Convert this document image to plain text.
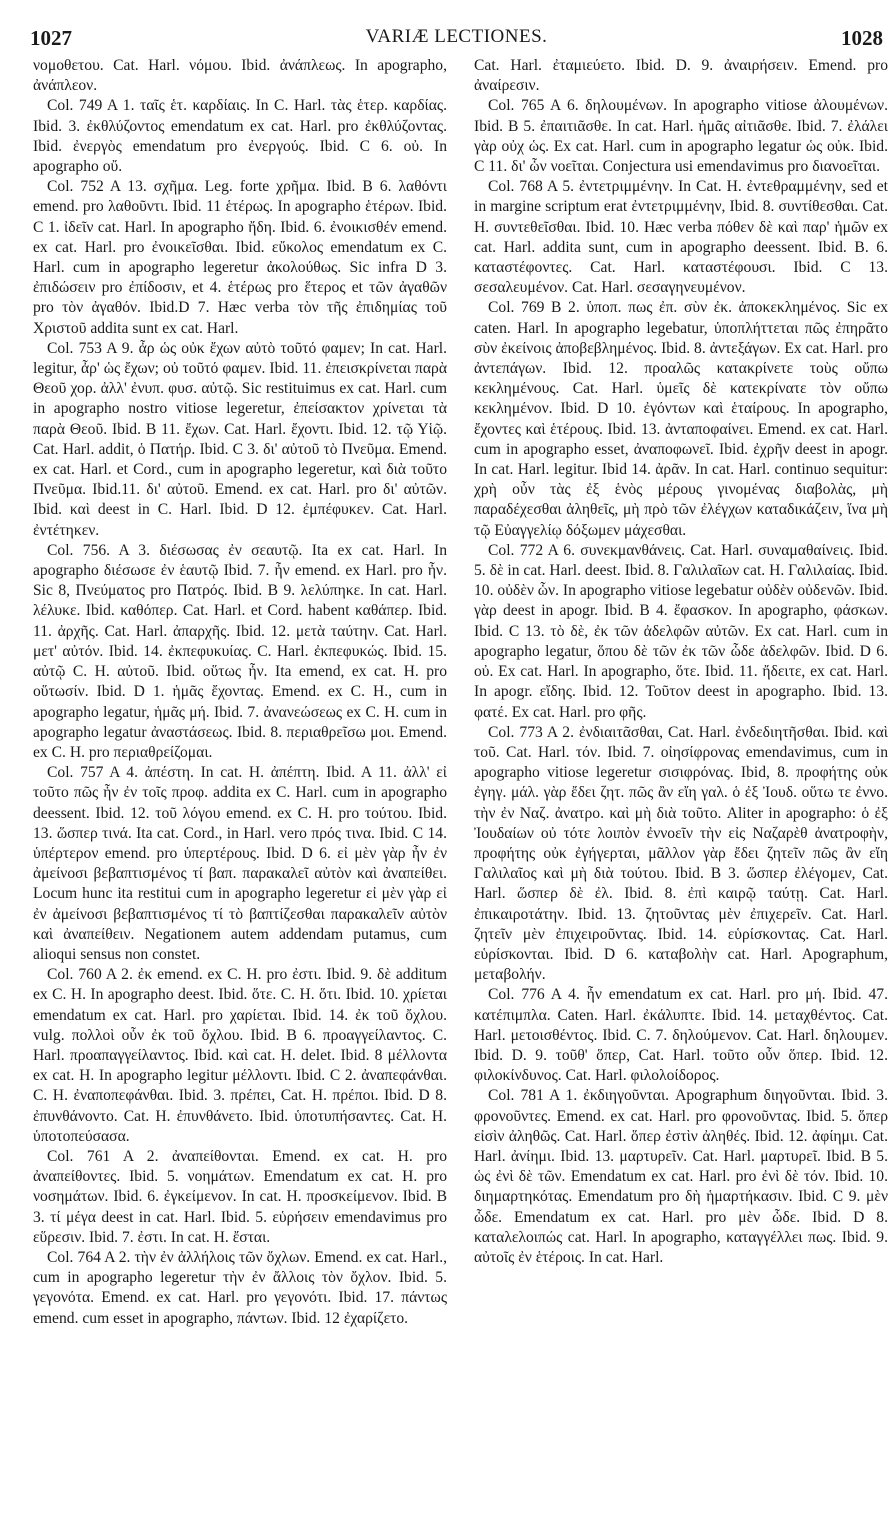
1027	VARIÆ LECTIONES.	1028

νομοθετου. Cat. Harl. νόμου. Ibid. ἀνάπλεως. In apographo, ἀνάπλεον.

Col. 749 A 1. ταῖς ἑτ. καρδίαις. In C. Harl. τὰς ἑτερ. καρδίας. Ibid. 3. ἐκθλύζοντος emendatum ex cat. Harl. pro ἐκθλύζοντας. Ibid. ἐνεργὸς emendatum pro ἐνεργούς. Ibid. C 6. οὐ. In apographo οὔ.

Col. 752 A 13. σχῆμα. Leg. forte χρῆμα. Ibid. B 6. λαθόντι emend. pro λαθοῦντι. Ibid. 11 ἑτέρως. In apographo ἑτέρων. Ibid. C 1. ἰδεῖν cat. Harl. In apographo ἤδη. Ibid. 6. ἐνοικισθέν emend. ex cat. Harl. pro ἐνοικεῖσθαι. Ibid. εὔκολος emendatum ex C. Harl. cum in apographo legeretur ἀκολούθως. Sic infra D 3. ἐπιδώσειν pro ἐπίδοσιν, et 4. ἑτέρως pro ἕτερος et τῶν ἀγαθῶν pro τὸν ἀγαθόν. Ibid.D 7. Hæc verba τὸν τῆς ἐπιδημίας τοῦ Χριστοῦ addita sunt ex cat. Harl.

Col. 753 A 9. ἆρ ὡς οὐκ ἔχων αὐτὸ τοῦτό φαμεν; In cat. Harl. legitur, ἆρ' ὡς ἔχων; οὐ τοῦτό φαμεν. Ibid. 11. ἐπεισκρίνεται παρὰ Θεοῦ χορ. ἀλλ' ἐνυπ. φυσ. αὐτῷ. Sic restituimus ex cat. Harl. cum in apographo nostro vitiose legeretur, ἐπείσακτον χρίνεται τὰ παρὰ Θεοῦ. Ibid. B 11. ἔχων. Cat. Harl. ἔχοντι. Ibid. 12. τῷ Υἱῷ. Cat. Harl. addit, ὁ Πατήρ. Ibid. C 3. δι' αὐτοῦ τὸ Πνεῦμα. Emend. ex cat. Harl. et Cord., cum in apographo legeretur, καὶ διὰ τοῦτο Πνεῦμα. Ibid.11. δι' αὐτοῦ. Emend. ex cat. Harl. pro δι' αὐτῶν. Ibid. καὶ deest in C. Harl. Ibid. D 12. ἐμπέφυκεν. Cat. Harl. ἐντέτηκεν.

Col. 756. A 3. διέσωσας ἐν σεαυτῷ. Ita ex cat. Harl. In apographo διέσωσε ἐν ἑαυτῷ Ibid. 7. ἦν emend. ex Harl. pro ἦν. Sic 8, Πνεύματος pro Πατρός. Ibid. B 9. λελύπηκε. In cat. Harl. λέλυκε. Ibid. καθόπερ. Cat. Harl. et Cord. habent καθάπερ. Ibid. 11. ἀρχῆς. Cat. Harl. ἀπαρχῆς. Ibid. 12. μετὰ ταύτην. Cat. Harl. μετ' αὐτόν. Ibid. 14. ἐκπεφυκυίας. C. Harl. ἐκπεφυκώς. Ibid. 15. αὐτῷ C. H. αὐτοῦ. Ibid. οὕτως ἦν. Ita emend, ex cat. H. pro οὕτωσίν. Ibid. D 1. ἡμᾶς ἔχοντας. Emend. ex C. H., cum in apographo legatur, ἡμᾶς μή. Ibid. 7. ἀνανεώσεως ex C. H. cum in apographo legatur ἀναστάσεως. Ibid. 8. περιαθρεῖσω μοι. Emend. ex C. H. pro περιαθρείζομαι.

Col. 757 A 4. ἀπέστη. In cat. H. ἀπέπτη. Ibid. A 11. ἀλλ' εἰ τοῦτο πῶς ἦν ἐν τοῖς προφ. addita ex C. Harl. cum in apographo deessent. Ibid. 12. τοῦ λόγου emend. ex C. H. pro τούτου. Ibid. 13. ὥσπερ τινά. Ita cat. Cord., in Harl. vero πρός τινα. Ibid. C 14. ὑπέρτερον emend. pro ὑπερτέρους. Ibid. D 6. εἰ μὲν γὰρ ἦν ἐν ἀμείνοσι βεβαπτισμένος τί βαπ. παρακαλεῖ αὐτὸν καὶ ἀναπείθει. Locum hunc ita restitui cum in apographo legeretur εἰ μὲν γὰρ εἰ ἐν ἀμείνοσι βεβαπτισμένος τί τὸ βαπτίζεσθαι παρακαλεῖν αὐτὸν καὶ ἀναπείθειν. Negationem autem addendam putamus, cum alioqui sensus non constet.

Col. 760 A 2. ἐκ emend. ex C. H. pro ἐστι. Ibid. 9. δὲ additum ex C. H. In apographo deest. Ibid. ὅτε. C. H. ὅτι. Ibid. 10. χρίεται emendatum ex cat. Harl. pro χαρίεται. Ibid. 14. ἐκ τοῦ ὄχλου. vulg. πολλοὶ οὖν ἐκ τοῦ ὄχλου. Ibid. B 6. προαγγείλαντος. C. Harl. προαπαγγείλαντος. Ibid. καὶ cat. H. delet. Ibid. 8 μέλλοντα ex cat. H. In apographo legitur μέλλοντι. Ibid. C 2. ἀναπεφάνθαι. C. H. ἐναποπεφάνθαι. Ibid. 3. πρέπει, Cat. H. πρέποι. Ibid. D 8. ἐπυνθάνοντο. Cat. H. ἐπυνθάνετο. Ibid. ὑποτυπήσαντες. Cat. H. ὑποτοπεύσασα.

Col. 761 A 2. ἀναπείθονται. Emend. ex cat. H. pro ἀναπείθοντες. Ibid. 5. νοημάτων. Emendatum ex cat. H. pro νοσημάτων. Ibid. 6. ἐγκείμενον. In cat. H. προσκείμενον. Ibid. B 3. τί μέγα deest in cat. Harl. Ibid. 5. εὑρήσειν emendavimus pro εὕρεσιν. Ibid. 7. ἐστι. In cat. H. ἔσται.

Col. 764 A 2. τὴν ἐν ἀλλήλοις τῶν ὄχλων. Emend. ex cat. Harl., cum in apographo legeretur τὴν ἐν ἄλλοις τὸν ὄχλον. Ibid. 5. γεγονότα. Emend. ex cat. Harl. pro γεγονότι. Ibid. 17. πάντως emend. cum esset in apographo, πάντων. Ibid. 12 ἐχαρίζετο.

Cat. Harl. ἐταμιεύετο. Ibid. D. 9. ἀναιρήσειν. Emend. pro ἀναίρεσιν.

Col. 765 A 6. δηλουμένων. In apographo vitiose ἀλουμένων. Ibid. B 5. ἐπαιτιᾶσθε. In cat. Harl. ἡμᾶς αἰτιᾶσθε. Ibid. 7. ἐλάλει γὰρ οὐχ ὡς. Ex cat. Harl. cum in apographo legatur ὡς οὐκ. Ibid. C 11. δι' ὧν νοεῖται. Conjectura usi emendavimus pro διανοεῖται.

Col. 768 A 5. ἐντετριμμένην. In Cat. H. ἐντεθραμμένην, sed et in margine scriptum erat ἐντετριμμένην, Ibid. 8. συντίθεσθαι. Cat. H. συντεθεῖσθαι. Ibid. 10. Hæc verba πόθεν δὲ καὶ παρ' ἡμῶν ex cat. Harl. addita sunt, cum in apographo deessent. Ibid. B. 6. καταστέφοντες. Cat. Harl. καταστέφουσι. Ibid. C 13. σεσαλευμένον. Cat. Harl. σεσαγηνευμένον.

Col. 769 B 2. ὑποπ. πως ἐπ. σὺν ἐκ. ἀποκεκλημένος. Sic ex caten. Harl. In apographo legebatur, ὑποπλήττεται πῶς ἐπηρᾶτο σὺν ἐκείνοις ἀποβεβλημένος. Ibid. 8. ἀντεξάγων. Ex cat. Harl. pro ἀντεπάγων. Ibid. 12. προαλῶς κατακρίνετε τοὺς οὔπω κεκλημένους. Cat. Harl. ὑμεῖς δὲ κατεκρίνατε τὸν οὔπω κεκλημένον. Ibid. D 10. ἐγόντων καὶ ἑταίρους. In apographo, ἔχοντες καὶ ἑτέρους. Ibid. 13. ἀνταποφαίνει. Emend. ex cat. Harl. cum in apographo esset, ἀναποφωνεῖ. Ibid. ἐχρῆν deest in apogr. In cat. Harl. legitur. Ibid 14. ἀρᾶν. In cat. Harl. continuo sequitur: χρὴ οὖν τὰς ἐξ ἑνὸς μέρους γινομένας διαβολὰς, μὴ παραδέχεσθαι ἀληθεῖς, μὴ πρὸ τῶν ἐλέγχων καταδικάζειν, ἵνα μὴ τῷ Εὐαγγελίῳ δόξωμεν μάχεσθαι.

Col. 772 A 6. συνεκμανθάνεις. Cat. Harl. συναμαθαίνεις. Ibid. 5. δὲ in cat. Harl. deest. Ibid. 8. Γαλιλαῖων cat. H. Γαλιλαίας. Ibid. 10. οὐδὲν ὧν. In apographo vitiose legebatur οὐδὲν οὐδενῶν. Ibid. γὰρ deest in apogr. Ibid. B 4. ἔφασκον. In apographo, φάσκων. Ibid. C 13. τὸ δὲ, ἐκ τῶν ἀδελφῶν αὐτῶν. Ex cat. Harl. cum in apographo legatur, ὅπου δὲ τῶν ἐκ τῶν ὧδε ἀδελφῶν. Ibid. D 6. οὐ. Ex cat. Harl. In apographo, ὅτε. Ibid. 11. ἤδειτε, ex cat. Harl. In apogr. εἴδης. Ibid. 12. Τοῦτον deest in apographo. Ibid. 13. φατέ. Ex cat. Harl. pro φῆς.

Col. 773 A 2. ἐνδιαιτᾶσθαι, Cat. Harl. ἐνδεδιητῆσθαι. Ibid. καὶ τοῦ. Cat. Harl. τόν. Ibid. 7. οἰησίφρονας emendavimus, cum in apographo vitiose legeretur σισιφρόνας. Ibid, 8. προφήτης οὐκ ἐγηγ. μάλ. γὰρ ἔδει ζητ. πῶς ἂν εἴη γαλ. ὁ ἐξ Ἰουδ. οὕτω τε ἐννο. τὴν ἐν Ναζ. ἀνατρο. καὶ μὴ διὰ τοῦτο. Aliter in apographo: ὁ ἐξ Ἰουδαίων οὐ τότε λοιπὸν ἐννοεῖν τὴν εἰς Ναζαρὲθ ἀνατροφὴν, προφήτης οὐκ ἐγήγερται, μᾶλλον γὰρ ἔδει ζητεῖν πῶς ἂν εἴη Γαλιλαῖος καὶ μὴ διὰ τούτου. Ibid. B 3. ὥσπερ ἐλέγομεν, Cat. Harl. ὥσπερ δὲ ἐλ. Ibid. 8. ἐπὶ καιρῷ ταύτῃ. Cat. Harl. ἐπικαιροτάτην. Ibid. 13. ζητοῦντας μὲν ἐπιχερεῖν. Cat. Harl. ζητεῖν μὲν ἐπιχειροῦντας. Ibid. 14. εὑρίσκοντας. Cat. Harl. εὑρίσκονται. Ibid. D 6. καταβολὴν cat. Harl. Apographum, μεταβολήν.

Col. 776 A 4. ἦν emendatum ex cat. Harl. pro μή. Ibid. 47. κατέπιμπλα. Caten. Harl. ἐκάλυπτε. Ibid. 14. μεταχθέντος. Cat. Harl. μετοισθέντος. Ibid. C. 7. δηλούμενον. Cat. Harl. δηλουμεν. Ibid. D. 9. τοῦθ' ὅπερ, Cat. Harl. τοῦτο οὖν ὅπερ. Ibid. 12. φιλοκίνδυνος. Cat. Harl. φιλολοίδορος.

Col. 781 A 1. ἐκδιηγοῦνται. Apographum διηγοῦνται. Ibid. 3. φρονοῦντες. Emend. ex cat. Harl. pro φρονοῦντας. Ibid. 5. ὅπερ εἰσὶν ἀληθῶς. Cat. Harl. ὅπερ ἐστὶν ἀληθές. Ibid. 12. ἀφίημι. Cat. Harl. ἀνίημι. Ibid. 13. μαρτυρεῖν. Cat. Harl. μαρτυρεῖ. Ibid. B 5. ὡς ἐνὶ δὲ τῶν. Emendatum ex cat. Harl. pro ἐνὶ δὲ τόν. Ibid. 10. διημαρτηκότας. Emendatum pro δὴ ἡμαρτήκασιν. Ibid. C 9. μὲν ὧδε. Emendatum ex cat. Harl. pro μὲν ὧδε. Ibid. D 8. καταλελοιπώς cat. Harl. In apographo, καταγγέλλει πως. Ibid. 9. αὐτοῖς ἐν ἑτέροις. In cat. Harl.
